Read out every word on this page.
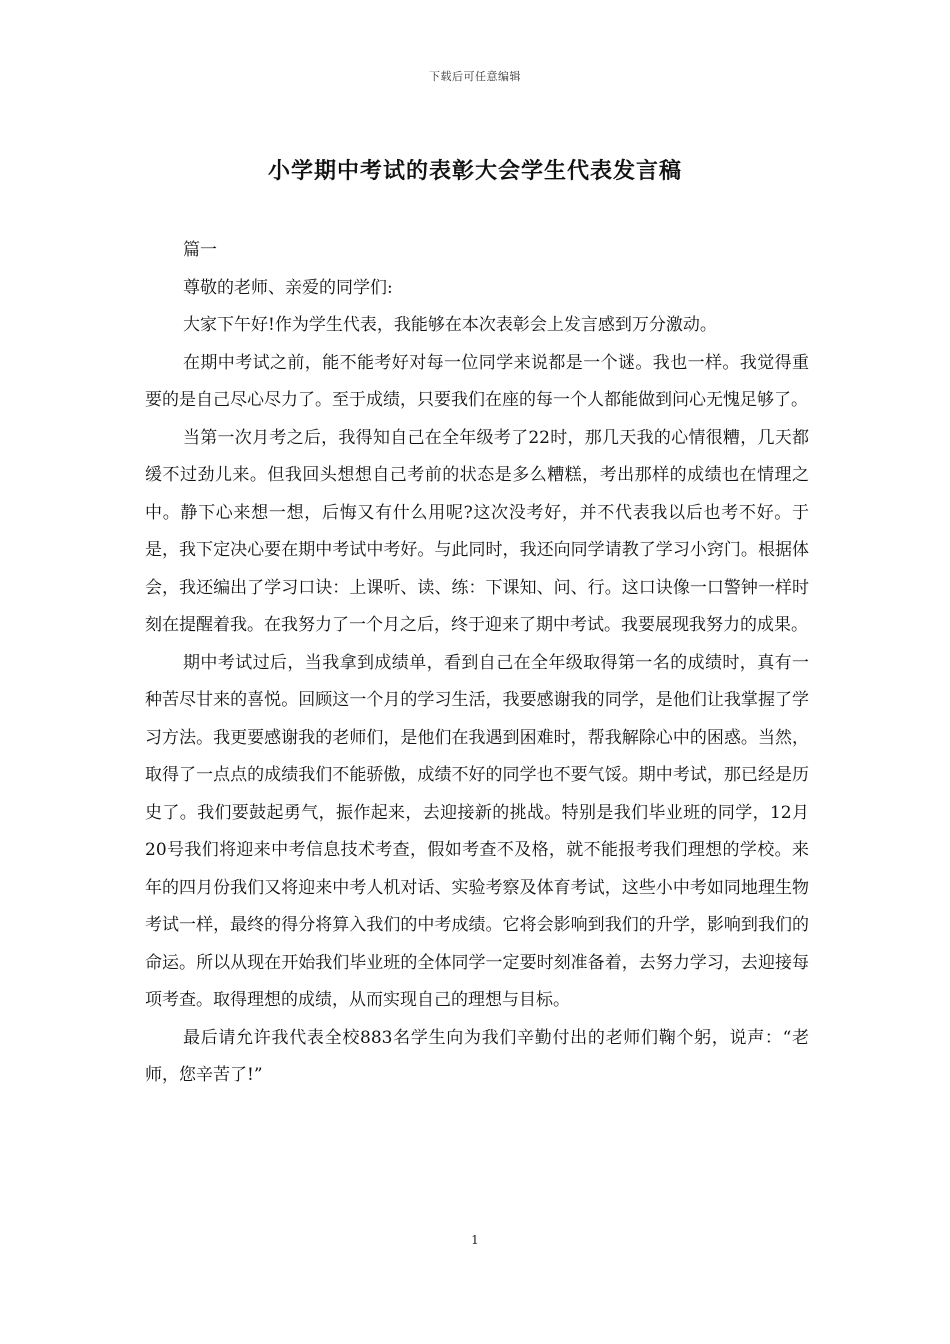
下载后可任意编辑
小学期中考试的表彰大会学生代表发言稿

篇一

尊敬的老师、亲爱的同学们:

大家下午好!作为学生代表，我能够在本次表彰会上发言感到万分激动。

在期中考试之前，能不能考好对每一位同学来说都是一个谜。我也一样。我觉得重要的是自己尽心尽力了。至于成绩，只要我们在座的每一个人都能做到问心无愧足够了。

当第一次月考之后，我得知自己在全年级考了22时，那几天我的心情很糟，几天都缓不过劲儿来。但我回头想想自己考前的状态是多么糟糕，考出那样的成绩也在情理之中。静下心来想一想，后悔又有什么用呢?这次没考好，并不代表我以后也考不好。于是，我下定决心要在期中考试中考好。与此同时，我还向同学请教了学习小窍门。根据体会，我还编出了学习口诀：上课听、读、练：下课知、问、行。这口诀像一口警钟一样时刻在提醒着我。在我努力了一个月之后，终于迎来了期中考试。我要展现我努力的成果。

期中考试过后，当我拿到成绩单，看到自己在全年级取得第一名的成绩时，真有一种苦尽甘来的喜悦。回顾这一个月的学习生活，我要感谢我的同学，是他们让我掌握了学习方法。我更要感谢我的老师们，是他们在我遇到困难时，帮我解除心中的困惑。当然，取得了一点点的成绩我们不能骄傲，成绩不好的同学也不要气馁。期中考试，那已经是历史了。我们要鼓起勇气，振作起来，去迎接新的挑战。特别是我们毕业班的同学，12月20号我们将迎来中考信息技术考查，假如考查不及格，就不能报考我们理想的学校。来年的四月份我们又将迎来中考人机对话、实验考察及体育考试，这些小中考如同地理生物考试一样，最终的得分将算入我们的中考成绩。它将会影响到我们的升学，影响到我们的命运。所以从现在开始我们毕业班的全体同学一定要时刻准备着，去努力学习，去迎接每项考查。取得理想的成绩，从而实现自己的理想与目标。

最后请允许我代表全校883名学生向为我们辛勤付出的老师们鞠个躬，说声：“老师，您辛苦了!”

1
